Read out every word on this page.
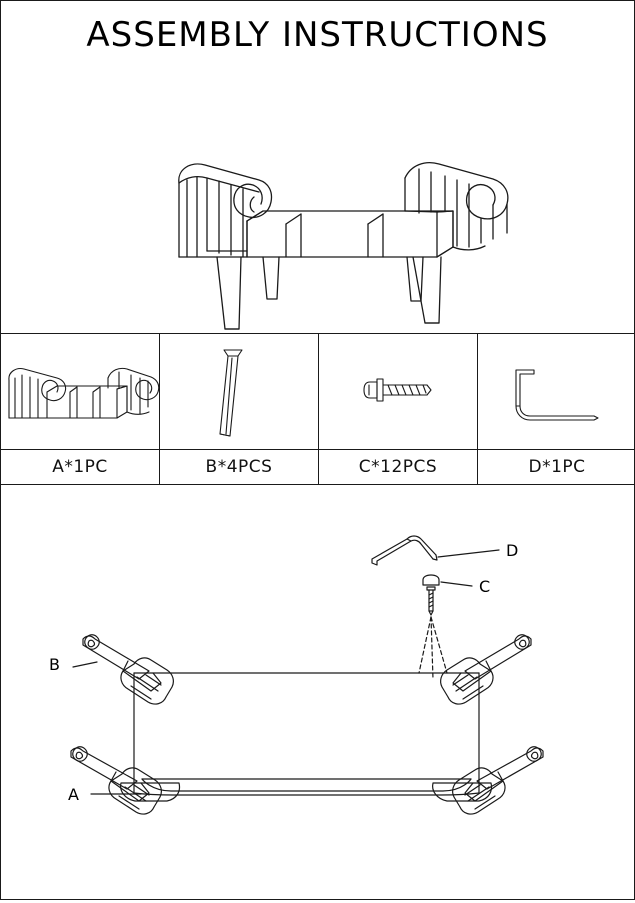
ASSEMBLY INSTRUCTIONS
A*1PC	B*4PCS	C*12PCS	D*1PC
D
C
B
A
